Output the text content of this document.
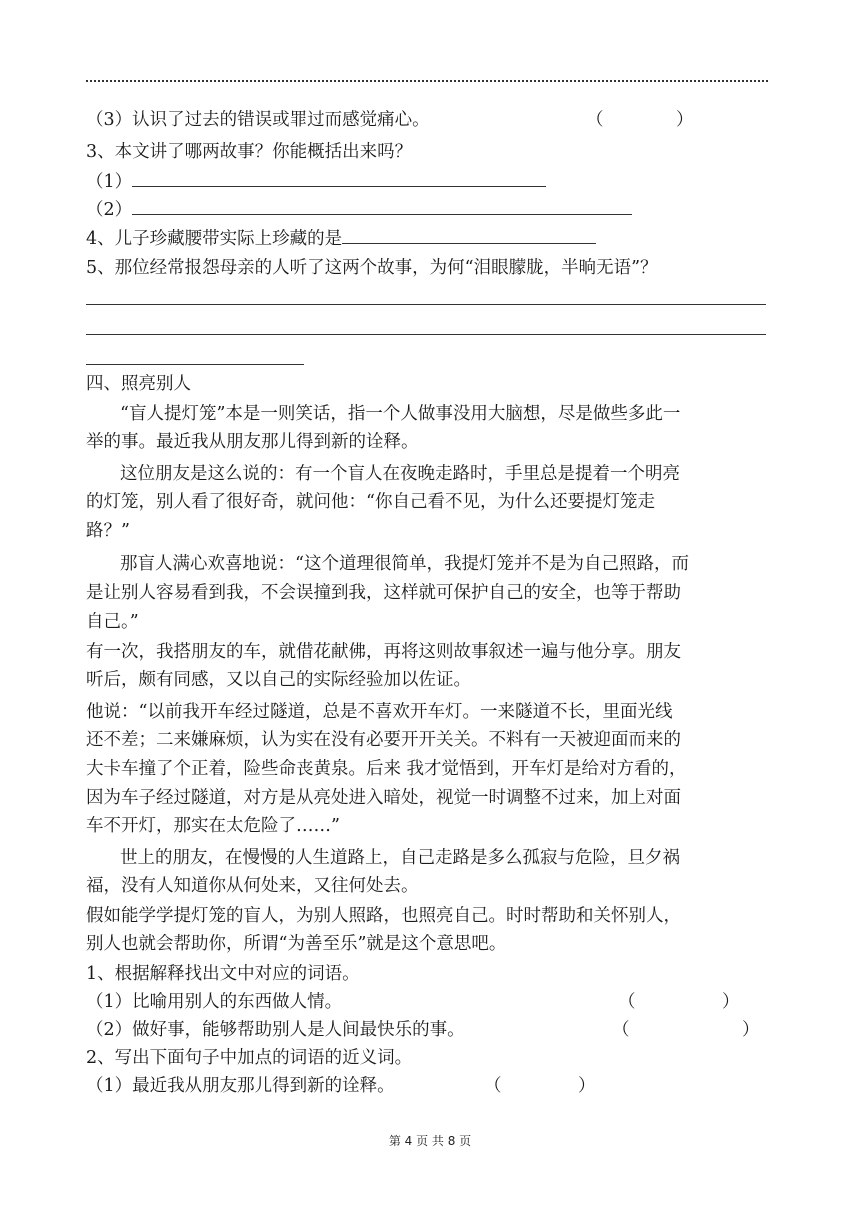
（3）认识了过去的错误或罪过而感觉痛心。	（	）
3、本文讲了哪两故事？你能概括出来吗？
（1）
（2）
4、儿子珍藏腰带实际上珍藏的是
5、那位经常报怨母亲的人听了这两个故事，为何“泪眼朦胧，半晌无语”？
四、照亮别人
“盲人提灯笼”本是一则笑话，指一个人做事没用大脑想，尽是做些多此一
举的事。最近我从朋友那儿得到新的诠释。
这位朋友是这么说的：有一个盲人在夜晚走路时，手里总是提着一个明亮
的灯笼，别人看了很好奇，就问他：“你自己看不见，为什么还要提灯笼走
路？”
那盲人满心欢喜地说：“这个道理很简单，我提灯笼并不是为自己照路，而
是让别人容易看到我，不会误撞到我，这样就可保护自己的安全，也等于帮助
自己。”
有一次，我搭朋友的车，就借花献佛，再将这则故事叙述一遍与他分享。朋友
听后，颇有同感，又以自己的实际经验加以佐证。
他说：“以前我开车经过隧道，总是不喜欢开车灯。一来隧道不长，里面光线
还不差；二来嫌麻烦，认为实在没有必要开开关关。不料有一天被迎面而来的
大卡车撞了个正着，险些命丧黄泉。后来 我才觉悟到，开车灯是给对方看的，
因为车子经过隧道，对方是从亮处进入暗处，视觉一时调整不过来，加上对面
车不开灯，那实在太危险了……”
世上的朋友，在慢慢的人生道路上，自己走路是多么孤寂与危险，旦夕祸
福，没有人知道你从何处来，又往何处去。
假如能学学提灯笼的盲人，为别人照路，也照亮自己。时时帮助和关怀别人，
别人也就会帮助你，所谓“为善至乐”就是这个意思吧。
1、根据解释找出文中对应的词语。
（1）比喻用别人的东西做人情。	（	）
（2）做好事，能够帮助别人是人间最快乐的事。	（	）
2、写出下面句子中加点的词语的近义词。
（1）最近我从朋友那儿得到新的诠释。	（	）
第 4 页 共 8 页
